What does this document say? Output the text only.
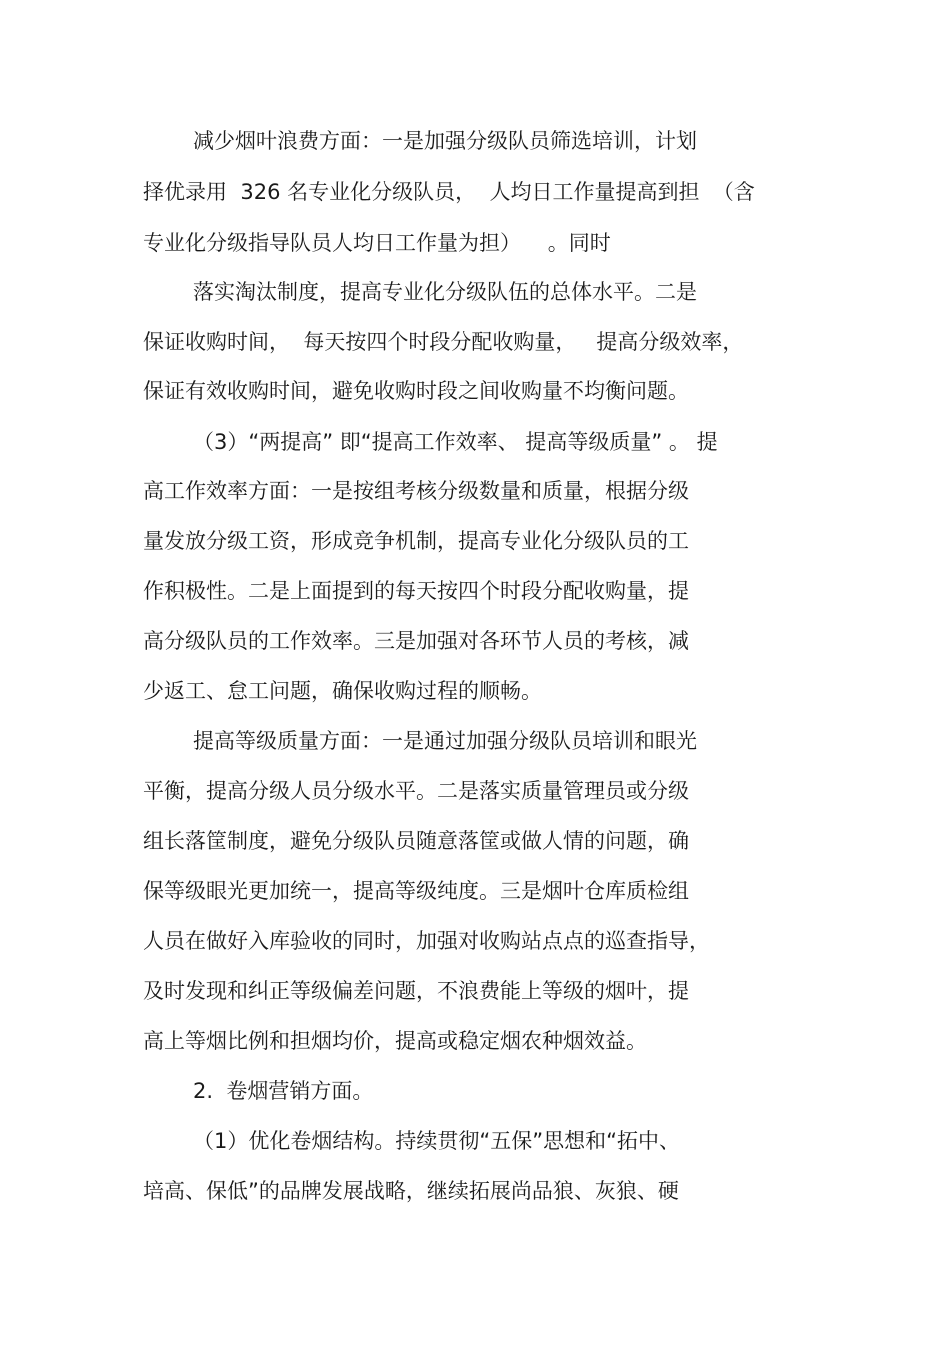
减少烟叶浪费方面：一是加强分级队员筛选培训，计划

择优录用  326 名专业化分级队员，  人均日工作量提高到担  （含

专业化分级指导队员人均日工作量为担）    。同时

落实淘汰制度，提高专业化分级队伍的总体水平。二是

保证收购时间，  每天按四个时段分配收购量，   提高分级效率，

保证有效收购时间，避免收购时段之间收购量不均衡问题。

（3）“两提高” 即“提高工作效率、 提高等级质量” 。 提

高工作效率方面：一是按组考核分级数量和质量，根据分级

量发放分级工资，形成竞争机制，提高专业化分级队员的工

作积极性。二是上面提到的每天按四个时段分配收购量，提

高分级队员的工作效率。三是加强对各环节人员的考核，减

少返工、怠工问题，确保收购过程的顺畅。

提高等级质量方面：一是通过加强分级队员培训和眼光

平衡，提高分级人员分级水平。二是落实质量管理员或分级

组长落筐制度，避免分级队员随意落筐或做人情的问题，确

保等级眼光更加统一，提高等级纯度。三是烟叶仓库质检组

人员在做好入库验收的同时，加强对收购站点点的巡查指导，

及时发现和纠正等级偏差问题，不浪费能上等级的烟叶，提

高上等烟比例和担烟均价，提高或稳定烟农种烟效益。

2.  卷烟营销方面。

（1）优化卷烟结构。持续贯彻“五保”思想和“拓中、

培高、保低”的品牌发展战略，继续拓展尚品狼、灰狼、硬
